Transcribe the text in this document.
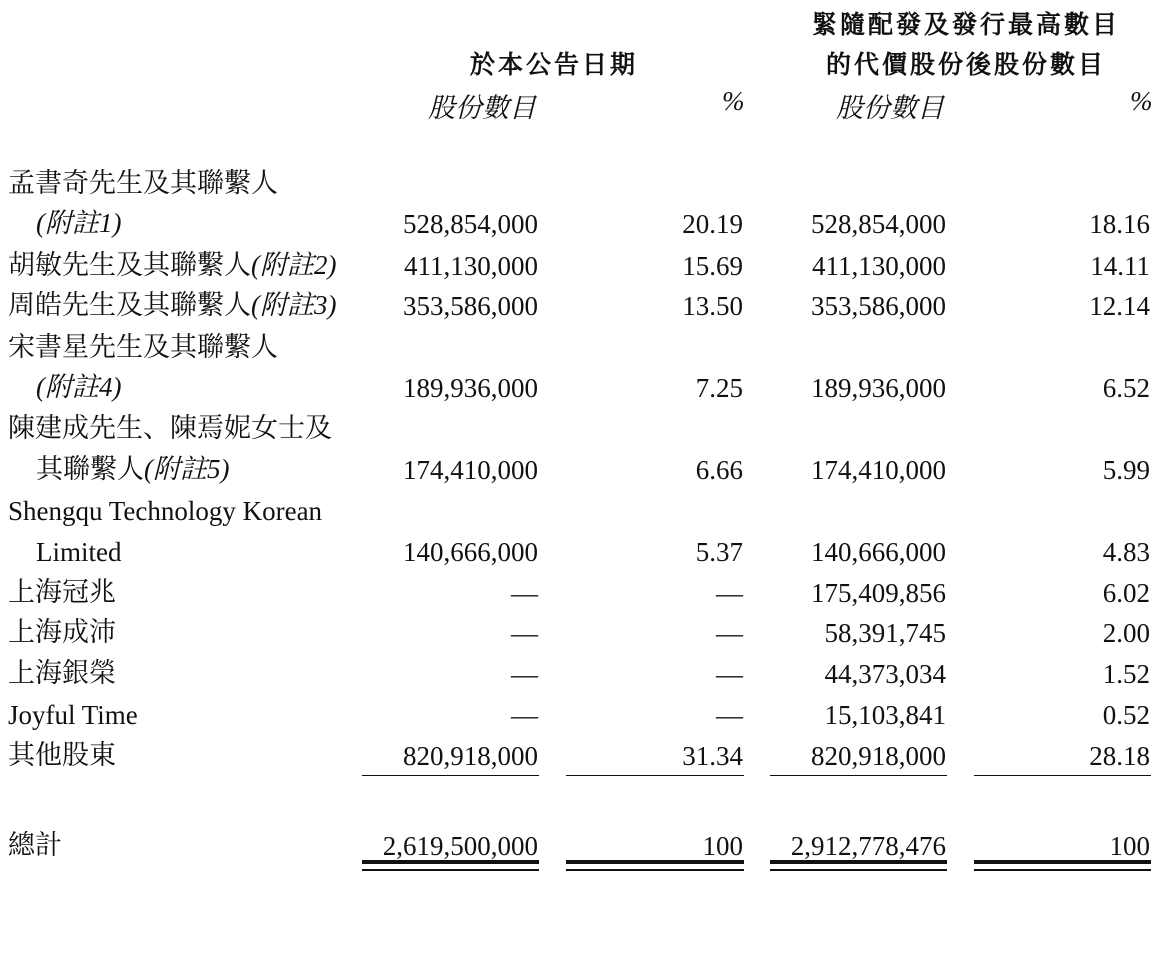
於本公告日期
緊隨配發及發行最高數目
的代價股份後股份數目
股份數目	%	股份數目	%
孟書奇先生及其聯繫人
(附註1)	528,854,000	20.19	528,854,000	18.16
胡敏先生及其聯繫人(附註2)	411,130,000	15.69	411,130,000	14.11
周皓先生及其聯繫人(附註3) 353,586,000	13.50	353,586,000	12.14
宋書星先生及其聯繫人
(附註4)	189,936,000	7.25	189,936,000	6.52
陳建成先生、陳焉妮女士及
其聯繫人(附註5)	174,410,000	6.66	174,410,000	5.99
Shengqu Technology Korean
Limited	140,666,000	5.37	140,666,000	4.83
上海冠兆	—	—	175,409,856	6.02
上海成沛	—	—	58,391,745	2.00
上海銀榮	—	—	44,373,034	1.52
Joyful Time	—	—	15,103,841	0.52
其他股東	820,918,000	31.34	820,918,000	28.18
總計	2,619,500,000	100 2,912,778,476	100
